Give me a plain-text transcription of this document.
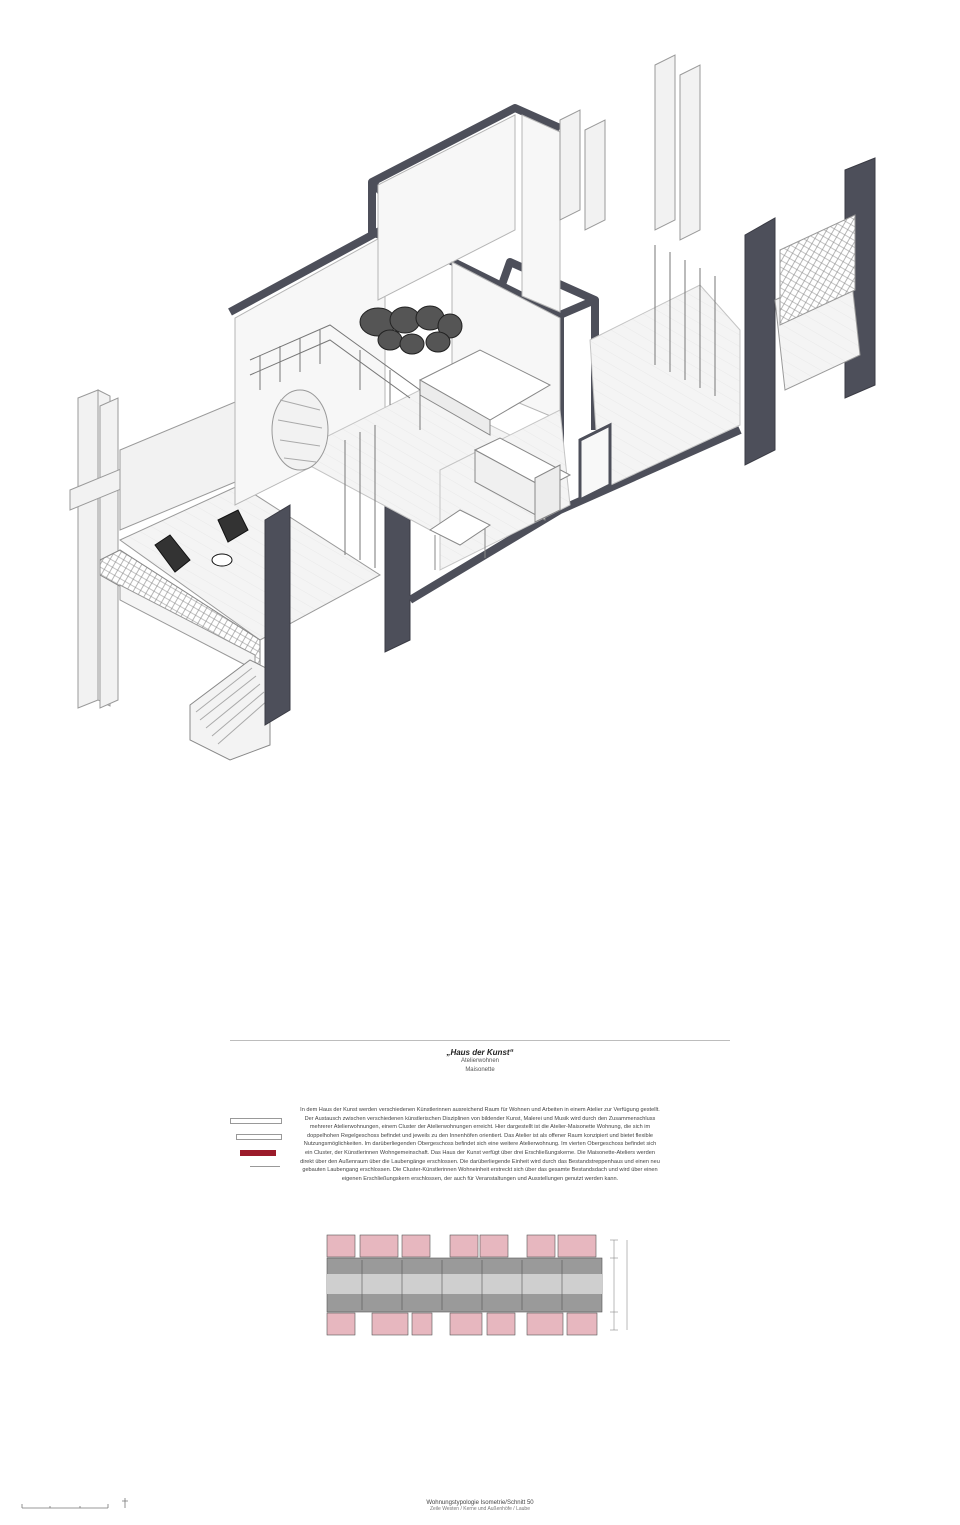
„Haus der Kunst“
Atelierwohnen
Maisonette
In dem Haus der Kunst werden verschiedenen Künstlerinnen ausreichend Raum für Wohnen und Arbeiten in einem Atelier zur Verfügung gestellt. Der Austausch zwischen verschiedenen künstlerischen Disziplinen von bildender Kunst, Malerei und Musik wird durch den Zusammenschluss mehrerer Atelierwohnungen, einem Cluster der Atelierwohnungen erreicht. Hier dargestellt ist die Atelier-Maisonette Wohnung, die sich im doppelhohen Regelgeschoss befindet und jeweils zu den Innenhöfen orientiert. Das Atelier ist als offener Raum konzipiert und bietet flexible Nutzungsmöglichkeiten. Im darüberliegenden Obergeschoss befindet sich eine weitere Atelierwohnung. Im vierten Obergeschoss befindet sich ein Cluster, der Künstlerinnen Wohngemeinschaft. Das Haus der Kunst verfügt über drei Erschließungskerne. Die Maisonette-Ateliers werden direkt über den Außenraum über die Laubengänge erschlossen. Die darüberliegende Einheit wird durch das Bestandstreppenhaus und einen neu gebauten Laubengang erschlossen. Die Cluster-Künstlerinnen Wohneinheit erstreckt sich über das gesamte Bestandsdach und wird über einen eigenen Erschließungskern erschlossen, der auch für Veranstaltungen und Ausstellungen genutzt werden kann.
Wohnungstypologie Isometrie/Schnitt 50
Zeile Westen / Kerne und Außenhöfe / Laube
